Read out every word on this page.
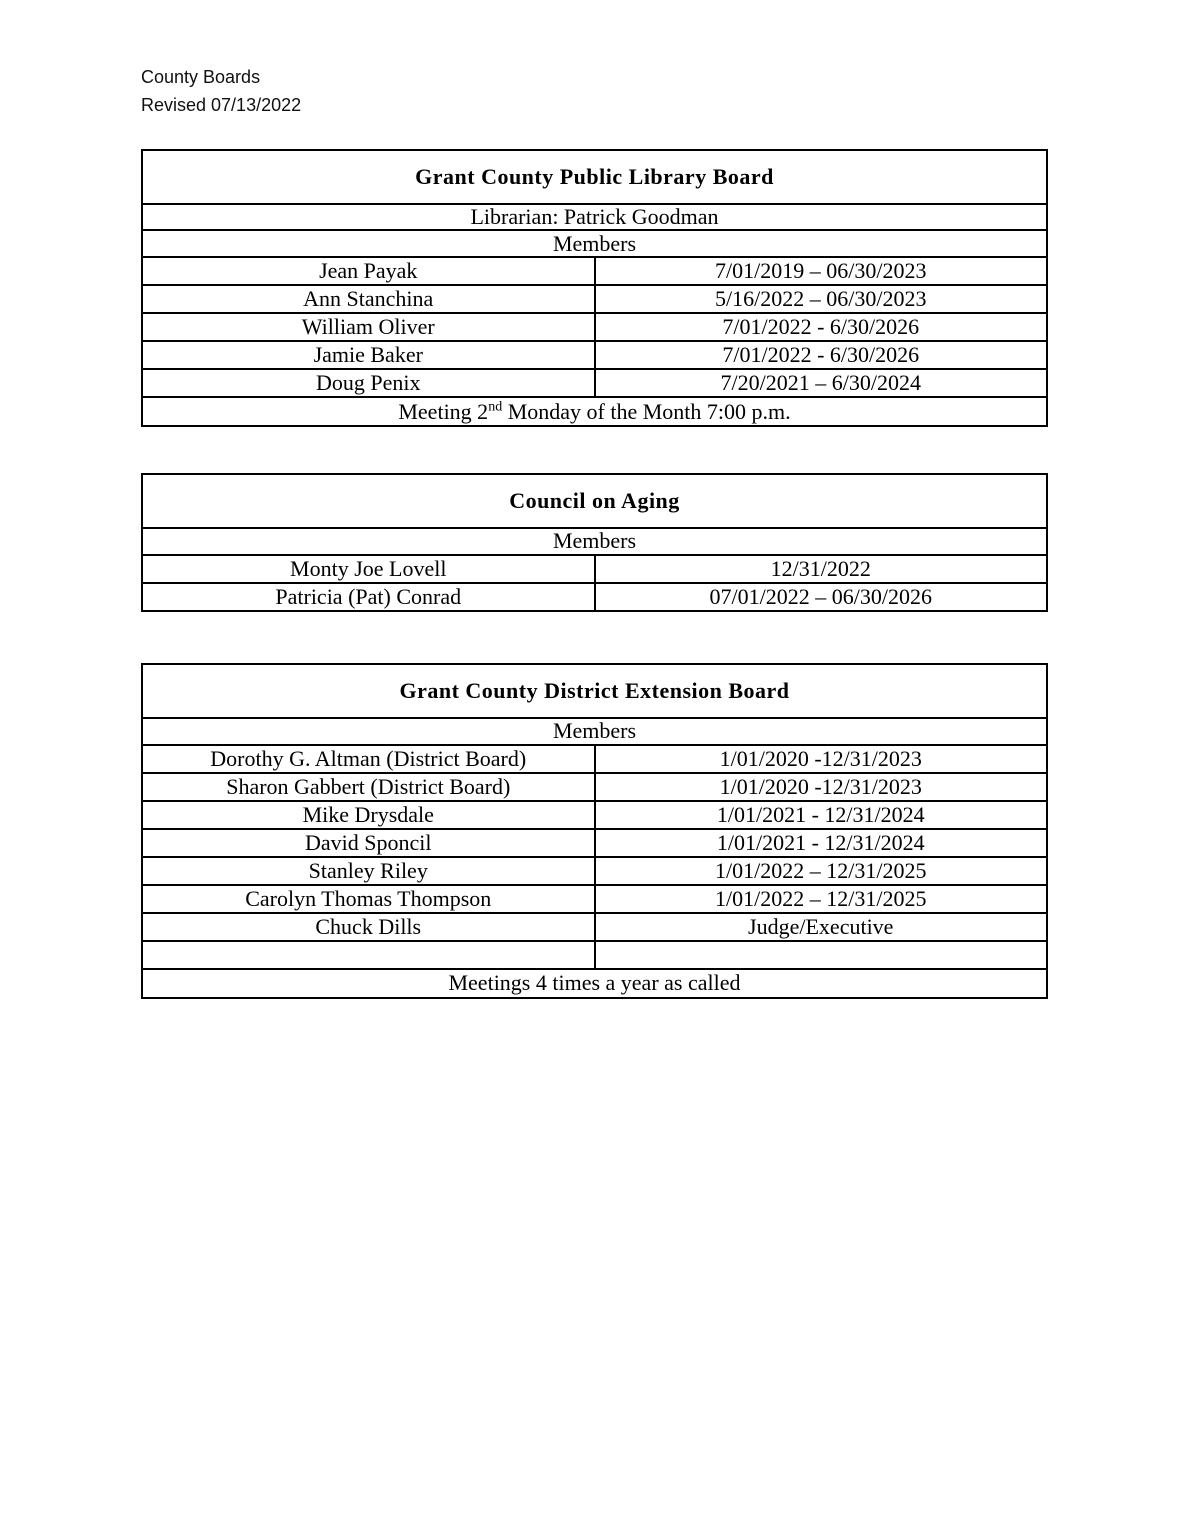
County Boards
Revised 07/13/2022
Grant County Public Library Board	
Librarian: Patrick Goodman	
Members	
Jean Payak	7/01/2019 – 06/30/2023
Ann Stanchina	5/16/2022 – 06/30/2023
William Oliver	7/01/2022 - 6/30/2026
Jamie Baker	7/01/2022 - 6/30/2026
Doug Penix	7/20/2021 – 6/30/2024
Meeting 2nd Monday of the Month 7:00 p.m.	
Council on Aging	
Members	
Monty Joe Lovell	12/31/2022
Patricia (Pat) Conrad	07/01/2022 – 06/30/2026
Grant County District Extension Board	
Members	
Dorothy G. Altman (District Board)	1/01/2020 -12/31/2023
Sharon Gabbert (District Board)	1/01/2020 -12/31/2023
Mike Drysdale	1/01/2021 - 12/31/2024
David Sponcil	1/01/2021 - 12/31/2024
Stanley Riley	1/01/2022 – 12/31/2025
Carolyn Thomas Thompson	1/01/2022 – 12/31/2025
Chuck Dills	Judge/Executive

Meetings 4 times a year as called	
